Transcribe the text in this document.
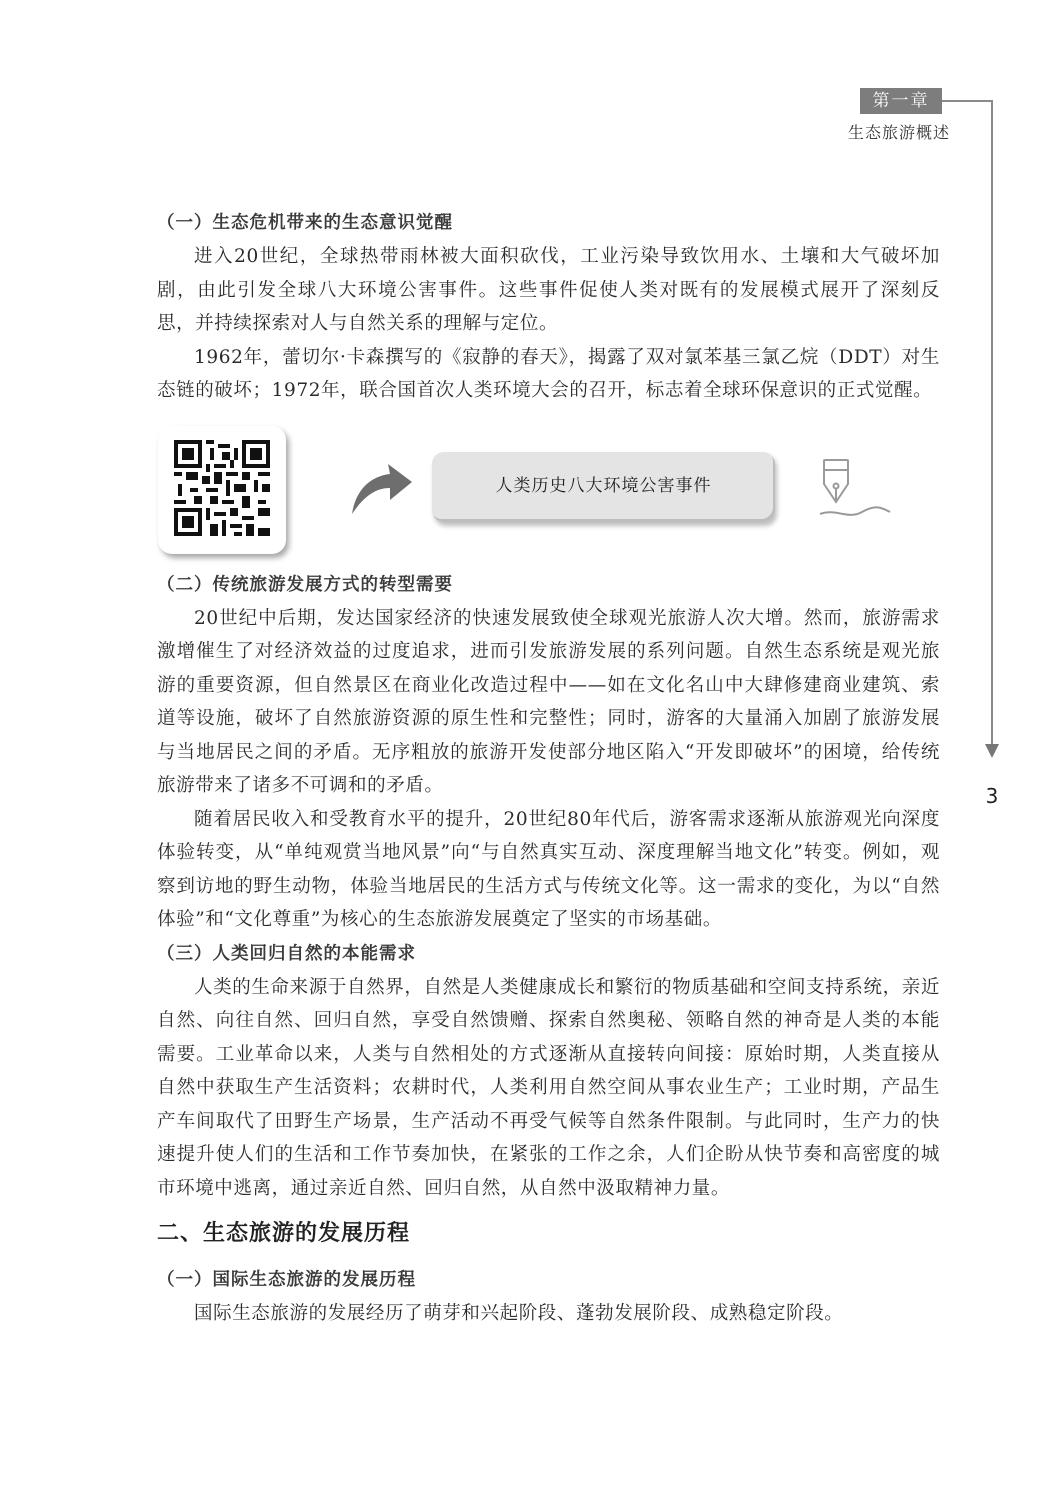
第一章
生态旅游概述
3
人类历史八大环境公害事件
（一）生态危机带来的生态意识觉醒

进入20世纪，全球热带雨林被大面积砍伐，工业污染导致饮用水、土壤和大气破坏加剧，由此引发全球八大环境公害事件。这些事件促使人类对既有的发展模式展开了深刻反思，并持续探索对人与自然关系的理解与定位。

1962年，蕾切尔·卡森撰写的《寂静的春天》，揭露了双对氯苯基三氯乙烷（DDT）对生态链的破坏；1972年，联合国首次人类环境大会的召开，标志着全球环保意识的正式觉醒。

（二）传统旅游发展方式的转型需要

20世纪中后期，发达国家经济的快速发展致使全球观光旅游人次大增。然而，旅游需求激增催生了对经济效益的过度追求，进而引发旅游发展的系列问题。自然生态系统是观光旅游的重要资源，但自然景区在商业化改造过程中——如在文化名山中大肆修建商业建筑、索道等设施，破坏了自然旅游资源的原生性和完整性；同时，游客的大量涌入加剧了旅游发展与当地居民之间的矛盾。无序粗放的旅游开发使部分地区陷入“开发即破坏”的困境，给传统旅游带来了诸多不可调和的矛盾。

随着居民收入和受教育水平的提升，20世纪80年代后，游客需求逐渐从旅游观光向深度体验转变，从“单纯观赏当地风景”向“与自然真实互动、深度理解当地文化”转变。例如，观察到访地的野生动物，体验当地居民的生活方式与传统文化等。这一需求的变化，为以“自然体验”和“文化尊重”为核心的生态旅游发展奠定了坚实的市场基础。

（三）人类回归自然的本能需求

人类的生命来源于自然界，自然是人类健康成长和繁衍的物质基础和空间支持系统，亲近自然、向往自然、回归自然，享受自然馈赠、探索自然奥秘、领略自然的神奇是人类的本能需要。工业革命以来，人类与自然相处的方式逐渐从直接转向间接：原始时期，人类直接从自然中获取生产生活资料；农耕时代，人类利用自然空间从事农业生产；工业时期，产品生产车间取代了田野生产场景，生产活动不再受气候等自然条件限制。与此同时，生产力的快速提升使人们的生活和工作节奏加快，在紧张的工作之余，人们企盼从快节奏和高密度的城市环境中逃离，通过亲近自然、回归自然，从自然中汲取精神力量。

二、生态旅游的发展历程
（一）国际生态旅游的发展历程

国际生态旅游的发展经历了萌芽和兴起阶段、蓬勃发展阶段、成熟稳定阶段。
